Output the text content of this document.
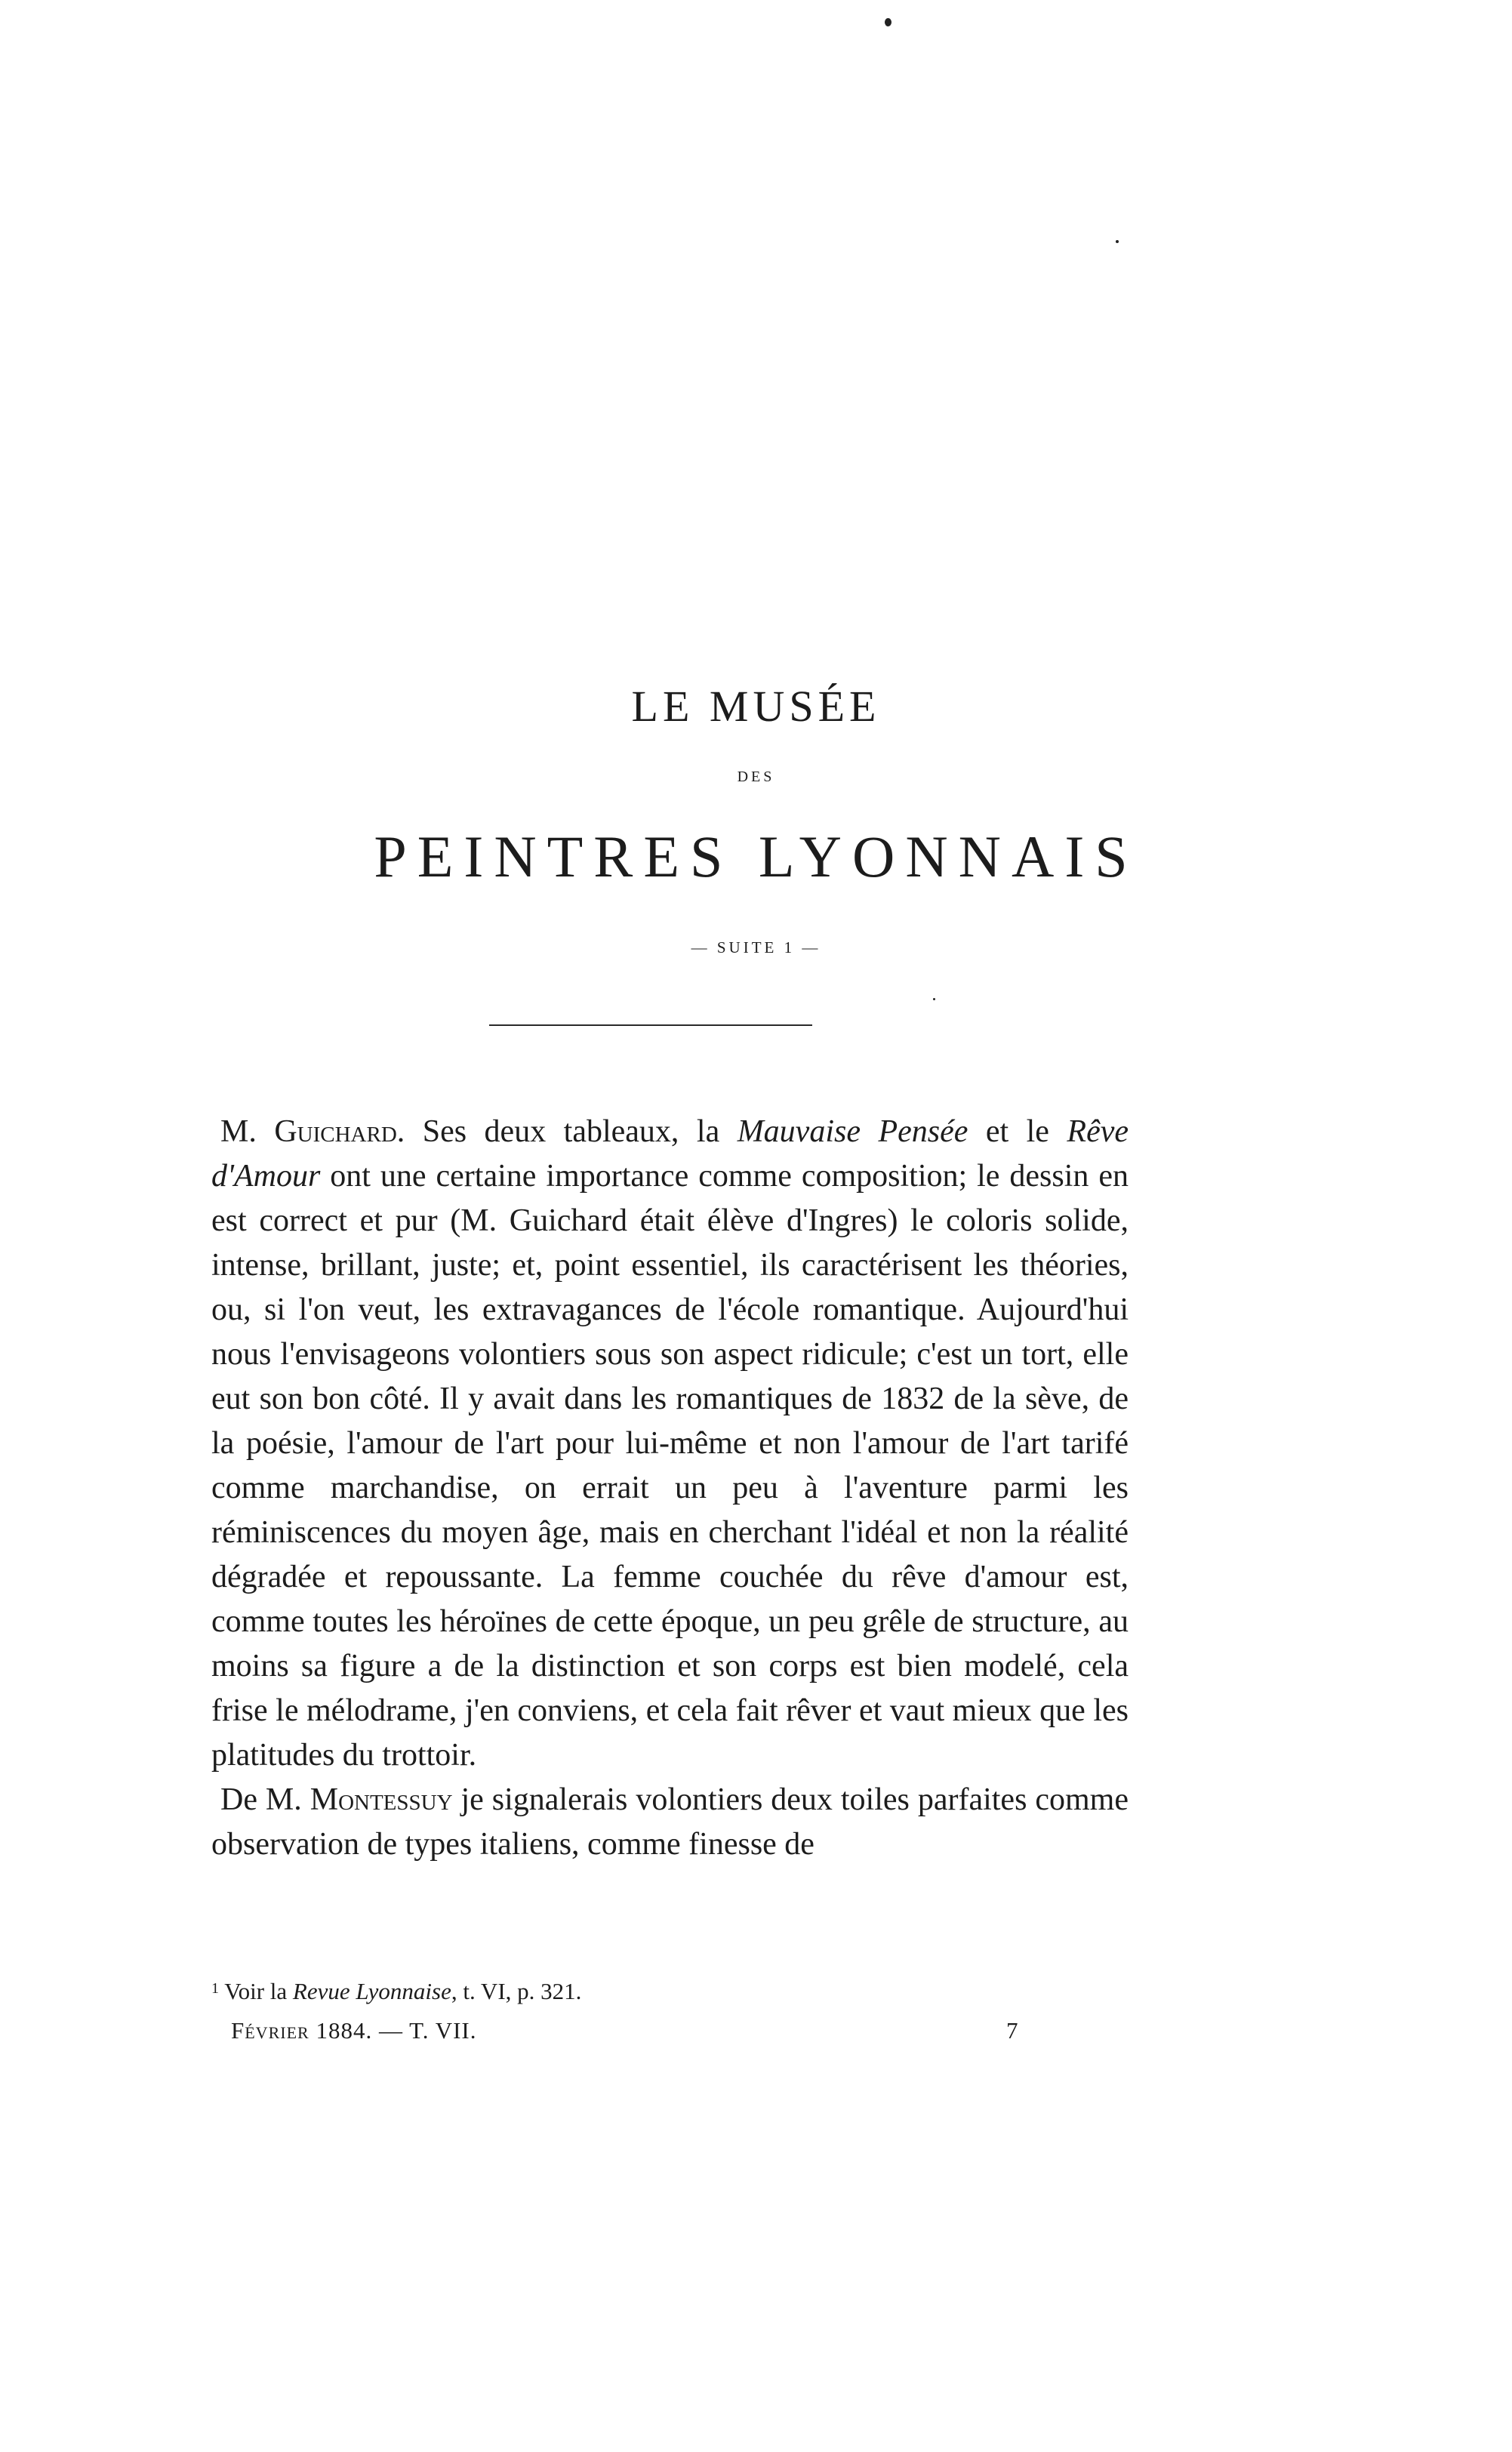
LE MUSÉE
DES
PEINTRES LYONNAIS
— SUITE 1 —

M. Guichard. Ses deux tableaux, la Mauvaise Pensée et le Rêve d'Amour ont une certaine importance comme composition; le dessin en est correct et pur (M. Guichard était élève d'Ingres) le coloris solide, intense, brillant, juste; et, point essentiel, ils caractérisent les théories, ou, si l'on veut, les extravagances de l'école romantique. Aujourd'hui nous l'envisageons volontiers sous son aspect ridicule; c'est un tort, elle eut son bon côté. Il y avait dans les romantiques de 1832 de la sève, de la poésie, l'amour de l'art pour lui-même et non l'amour de l'art tarifé comme marchandise, on errait un peu à l'aventure parmi les réminiscences du moyen âge, mais en cherchant l'idéal et non la réalité dégradée et repoussante. La femme couchée du rêve d'amour est, comme toutes les héroïnes de cette époque, un peu grêle de structure, au moins sa figure a de la distinction et son corps est bien modelé, cela frise le mélodrame, j'en conviens, et cela fait rêver et vaut mieux que les platitudes du trottoir.

De M. Montessuy je signalerais volontiers deux toiles parfaites comme observation de types italiens, comme finesse de

$^1$ Voir la Revue Lyonnaise, t. VI, p. 321.
Février 1884. — T. VII.	7
